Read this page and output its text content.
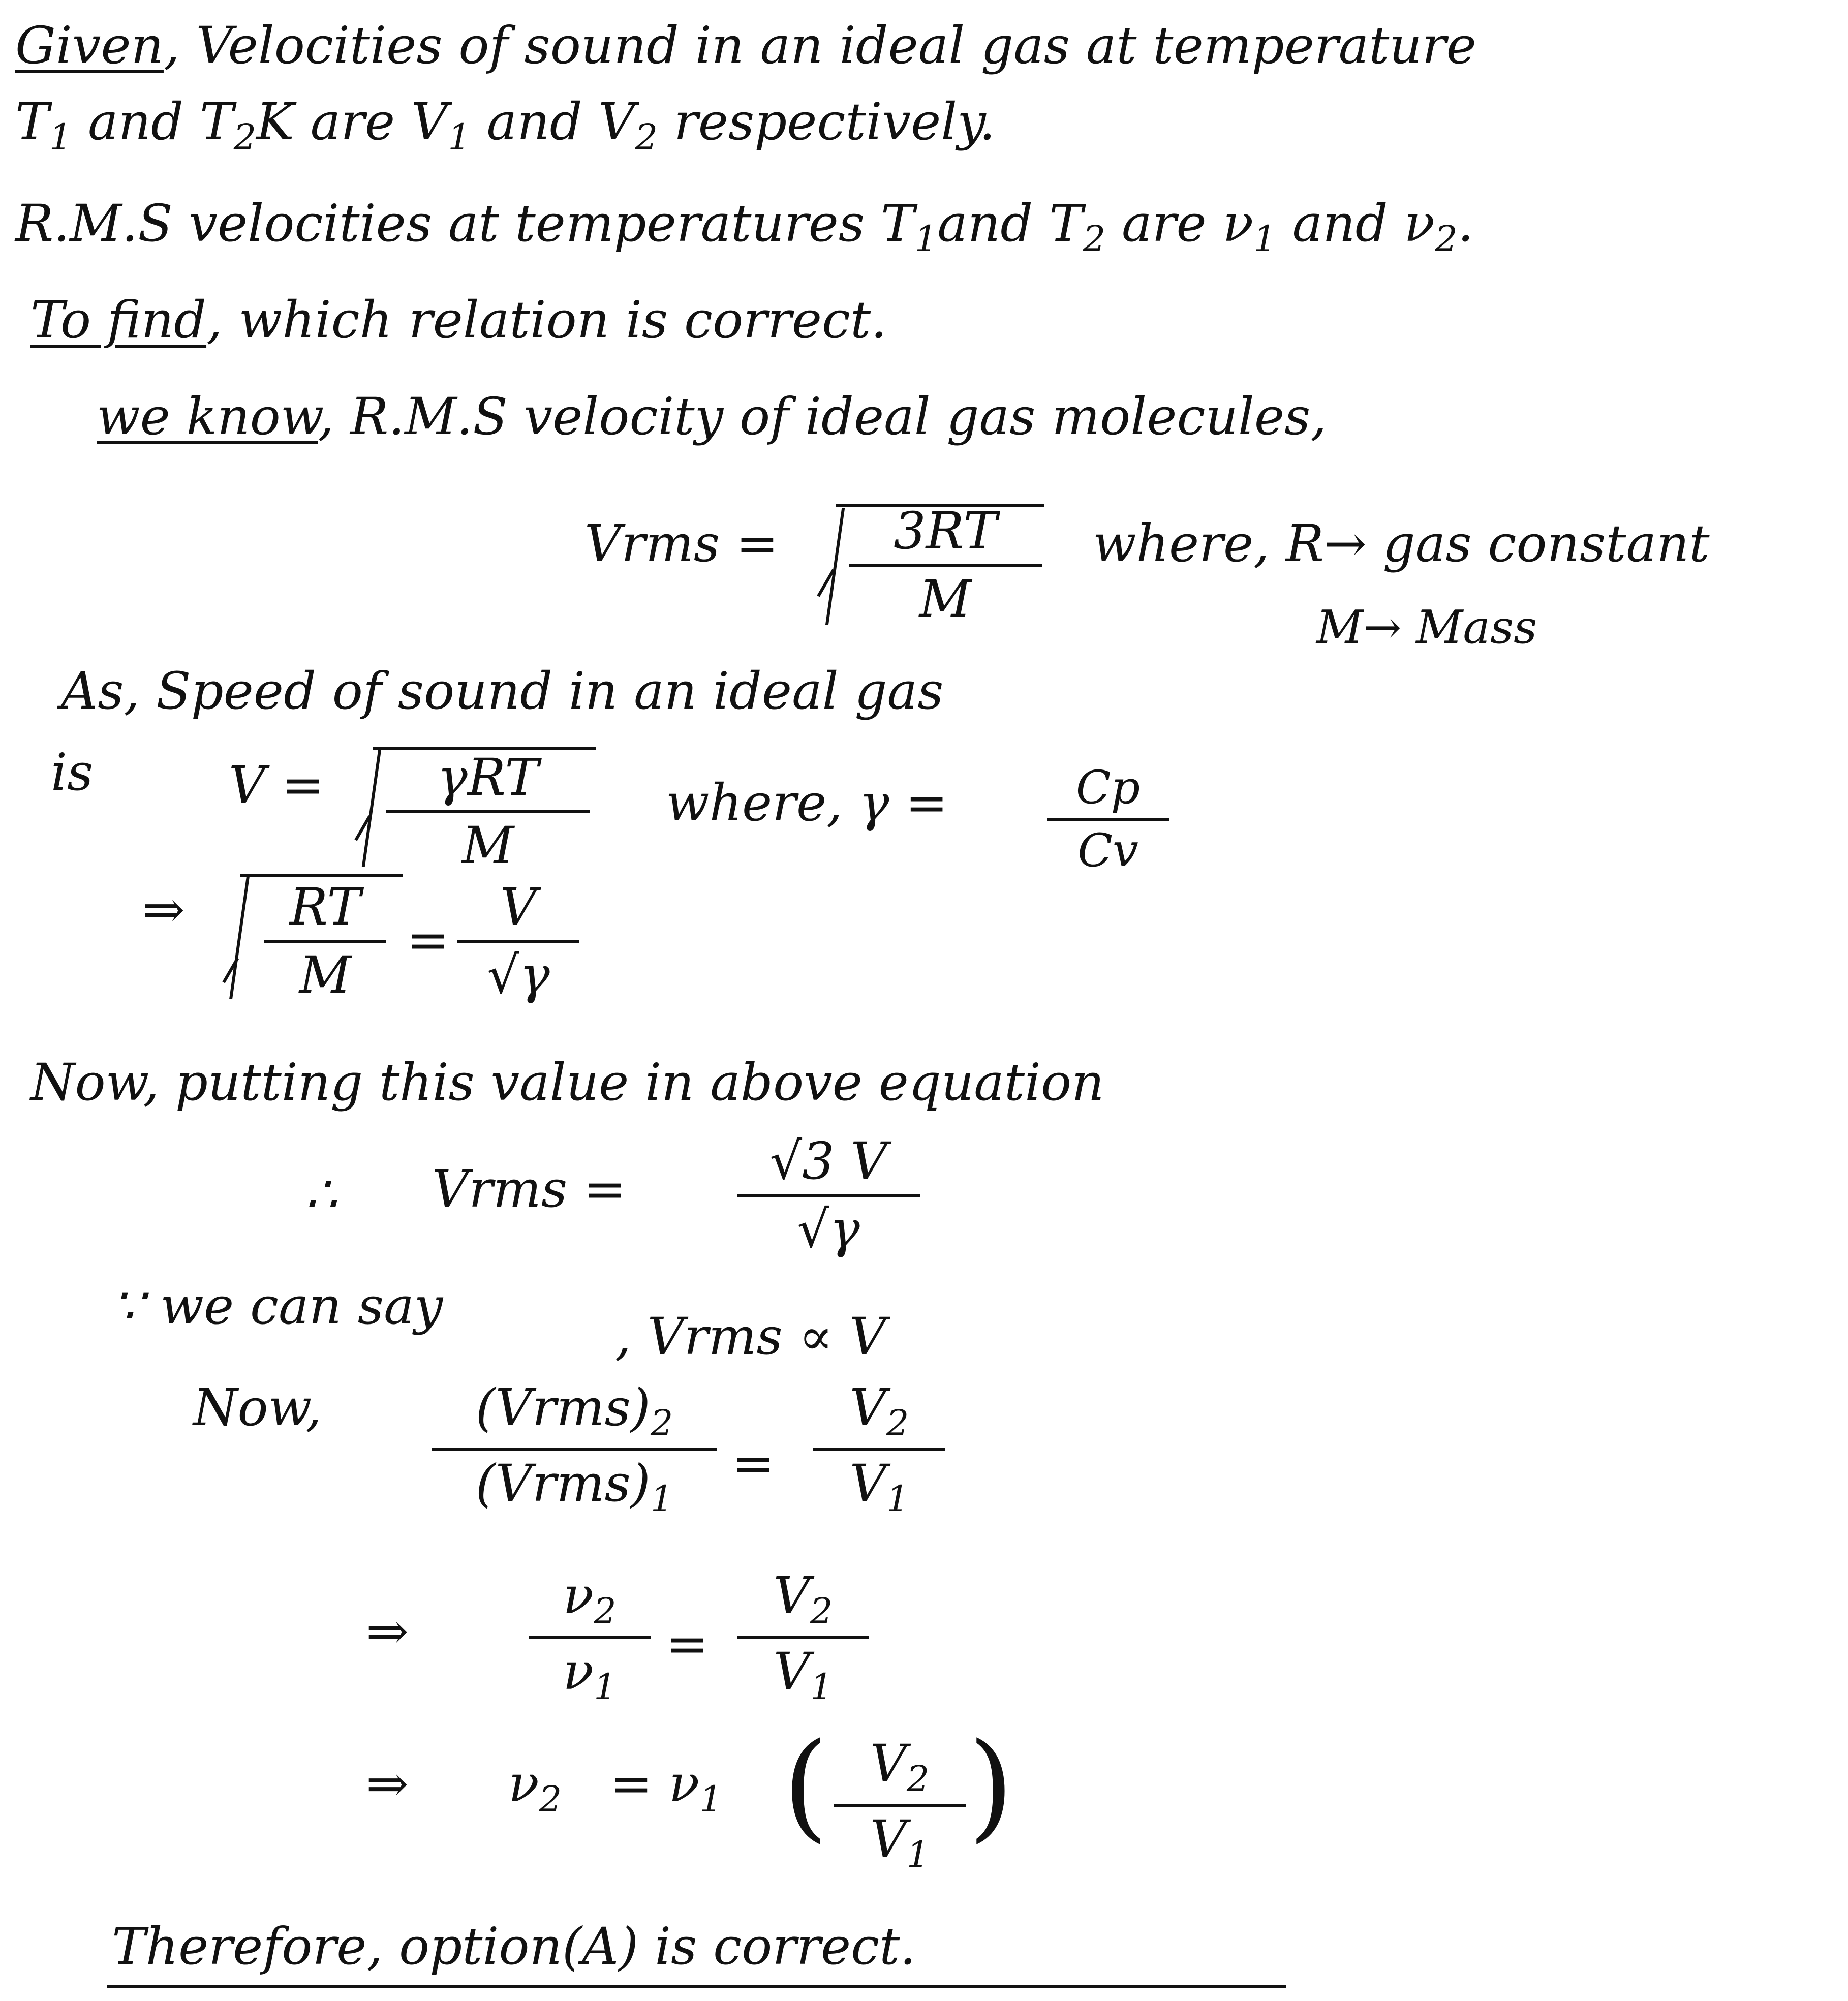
Given, Velocities of sound in an ideal gas at temperature
$T_1$ and $T_2K$ are $V_1$ and $V_2$ respectively.
R.M.S velocities at temperatures $T_1and$ $T_2$ are $\nu_1$ and $\nu_2$.
To find, which relation is correct.
we know, R.M.S velocity of ideal gas molecules,
Vrms =	3RT
M
where, R→ gas constant
M→ Mass
As, Speed of sound in an ideal gas
is	V =	γRT
M
where, γ =	Cp
Cv
⇒	RT
M
=
V
√γ
Now, putting this value in above equation
∴ Vrms =	√3 V
√γ
∵ we can say
, Vrms ∝ V
Now,	$(Vrms)_2$
$(Vrms)_1$
=
$V_2$
$V_1$
⇒
$\nu_2$
$\nu_1$
=
$V_2$
$V_1$
⇒ $\nu_2 = \nu_1$ ( $V_2$
$V_1$
)
Therefore, option(A) is correct.
